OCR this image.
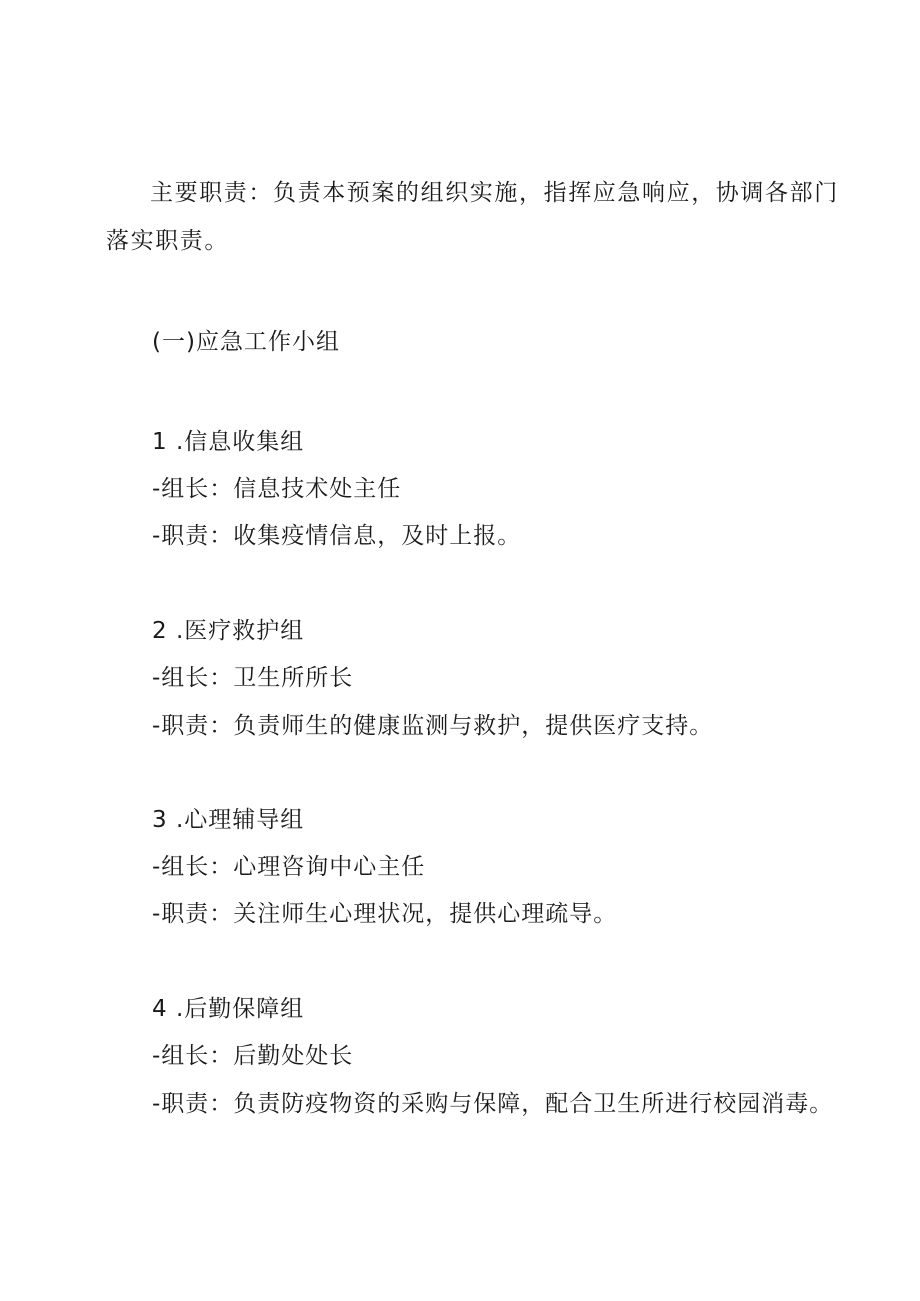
主要职责：负责本预案的组织实施，指挥应急响应，协调各部门
落实职责。
(一)应急工作小组
1 .信息收集组
-组长：信息技术处主任
-职责：收集疫情信息，及时上报。
2 .医疗救护组
-组长：卫生所所长
-职责：负责师生的健康监测与救护，提供医疗支持。
3 .心理辅导组
-组长：心理咨询中心主任
-职责：关注师生心理状况，提供心理疏导。
4 .后勤保障组
-组长：后勤处处长
-职责：负责防疫物资的采购与保障，配合卫生所进行校园消毒。
